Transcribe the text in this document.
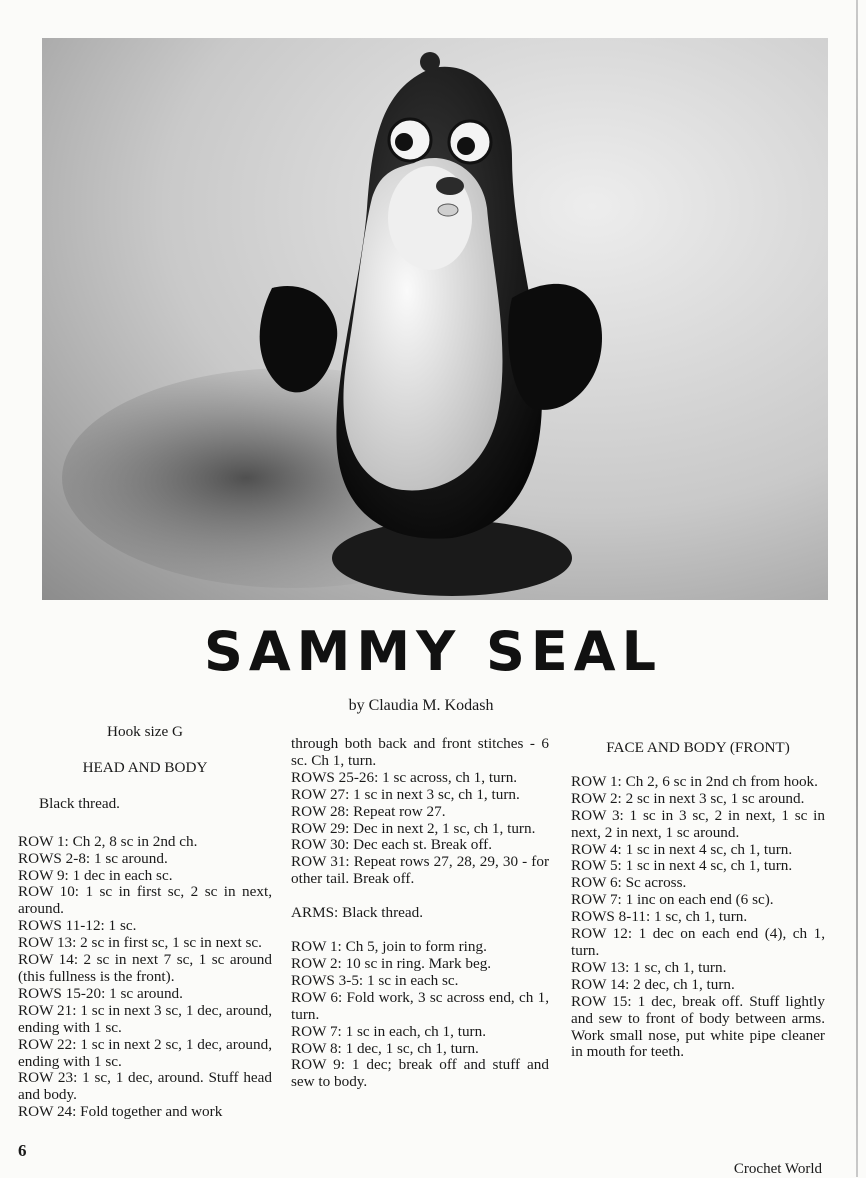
SAMMY SEAL
by Claudia M. Kodash

Hook size G

HEAD AND BODY

Black thread.

ROW 1: Ch 2, 8 sc in 2nd ch.

ROWS 2-8: 1 sc around.

ROW 9: 1 dec in each sc.

ROW 10: 1 sc in first sc, 2 sc in next, around.

ROWS 11-12: 1 sc.

ROW 13: 2 sc in first sc, 1 sc in next sc.

ROW 14: 2 sc in next 7 sc, 1 sc around (this fullness is the front).

ROWS 15-20: 1 sc around.

ROW 21: 1 sc in next 3 sc, 1 dec, around, ending with 1 sc.

ROW 22: 1 sc in next 2 sc, 1 dec, around, ending with 1 sc.

ROW 23: 1 sc, 1 dec, around. Stuff head and body.

ROW 24: Fold together and work

through both back and front stitches - 6 sc. Ch 1, turn.

ROWS 25-26: 1 sc across, ch 1, turn.

ROW 27: 1 sc in next 3 sc, ch 1, turn.

ROW 28: Repeat row 27.

ROW 29: Dec in next 2, 1 sc, ch 1, turn.

ROW 30: Dec each st. Break off.

ROW 31: Repeat rows 27, 28, 29, 30 - for other tail. Break off.

ARMS: Black thread.

ROW 1: Ch 5, join to form ring.

ROW 2: 10 sc in ring. Mark beg.

ROWS 3-5: 1 sc in each sc.

ROW 6: Fold work, 3 sc across end, ch 1, turn.

ROW 7: 1 sc in each, ch 1, turn.

ROW 8: 1 dec, 1 sc, ch 1, turn.

ROW 9: 1 dec; break off and stuff and sew to body.

FACE AND BODY (FRONT)

ROW 1: Ch 2, 6 sc in 2nd ch from hook.

ROW 2: 2 sc in next 3 sc, 1 sc around.

ROW 3: 1 sc in 3 sc, 2 in next, 1 sc in next, 2 in next, 1 sc around.

ROW 4: 1 sc in next 4 sc, ch 1, turn.

ROW 5: 1 sc in next 4 sc, ch 1, turn.

ROW 6: Sc across.

ROW 7: 1 inc on each end (6 sc).

ROWS 8-11: 1 sc, ch 1, turn.

ROW 12: 1 dec on each end (4), ch 1, turn.

ROW 13: 1 sc, ch 1, turn.

ROW 14: 2 dec, ch 1, turn.

ROW 15: 1 dec, break off. Stuff lightly and sew to front of body between arms. Work small nose, put white pipe cleaner in mouth for teeth.

6
Crochet World
